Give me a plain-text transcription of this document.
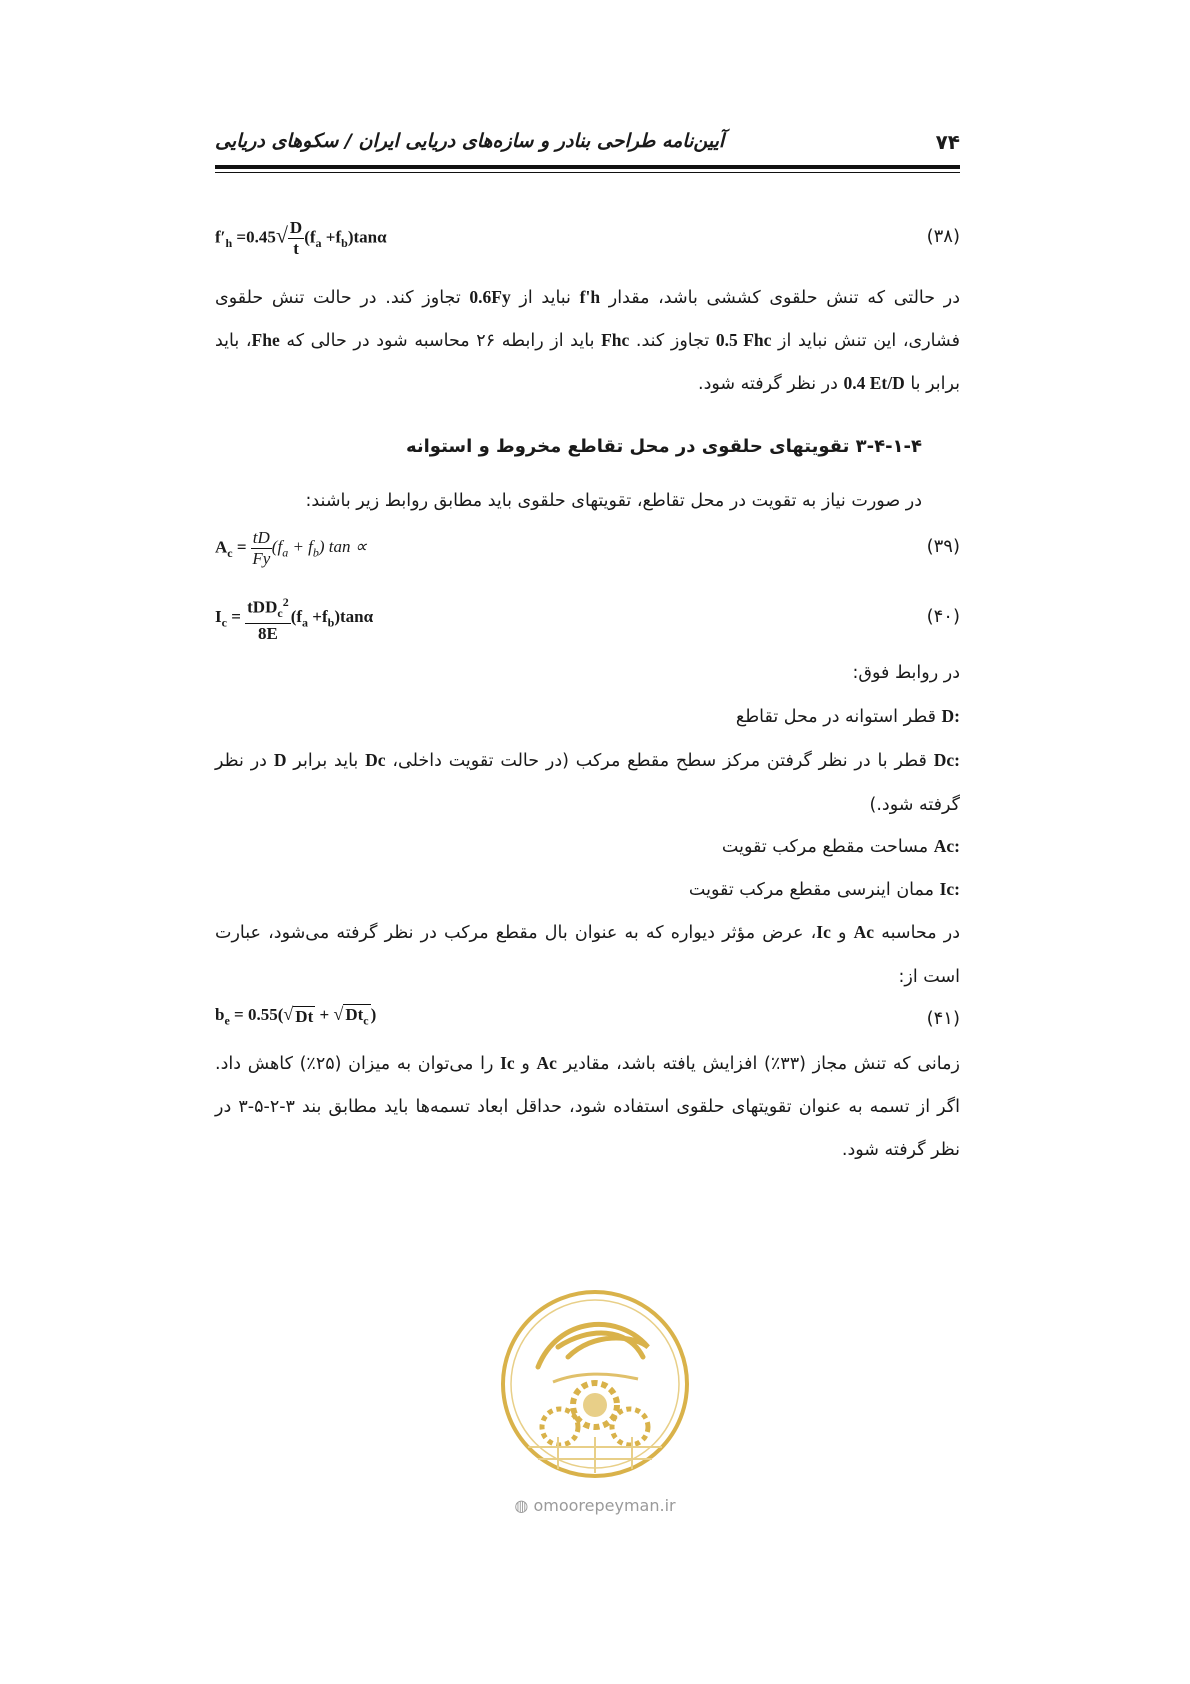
۷۴
آیین‌نامه طراحی بنادر و سازه‌های دریایی ایران / سکوهای دریایی
$f'_h =0.45√ \frac{D}{t} (f_a +f_b)\tan\alpha$	(۳۸)
در حالتی که تنش حلقوی کششی باشد، مقدار f'h نباید از 0.6Fy تجاوز کند. در حالت تنش حلقوی فشاری، این تنش نباید از 0.5 Fhc تجاوز کند. Fhc باید از رابطه ۲۶ محاسبه شود در حالی که Fhe، باید برابر با 0.4 Et/D در نظر گرفته شود.
۳-۴-۱-۴ تقویتهای حلقوی در محل تقاطع مخروط و استوانه
در صورت نیاز به تقویت در محل تقاطع، تقویتهای حلقوی باید مطابق روابط زیر باشند:
$A_c = \frac{tD}{Fy} (f_a + f_b) \tan$ ∝	(۳۹)
$I_c = \frac{tDD_c^2}{8E} (f_a +f_b)\tan\alpha$	(۴۰)
در روابط فوق:
D: قطر استوانه در محل تقاطع
Dc: قطر با در نظر گرفتن مرکز سطح مقطع مرکب (در حالت تقویت داخلی، Dc باید برابر D در نظر گرفته شود.)
Ac: مساحت مقطع مرکب تقویت
Ic: ممان اینرسی مقطع مرکب تقویت
در محاسبه Ac و Ic، عرض مؤثر دیواره که به عنوان بال مقطع مرکب در نظر گرفته می‌شود، عبارت است از:
$b_e = 0.55(√$ Dt + √ $Dt_c$ )	(۴۱)
زمانی که تنش مجاز (۳۳٪) افزایش یافته باشد، مقادیر Ac و Ic را می‌توان به میزان (۲۵٪) کاهش داد. اگر از تسمه به عنوان تقویتهای حلقوی استفاده شود، حداقل ابعاد تسمه‌ها باید مطابق بند ۳-۲-۵-۳ در نظر گرفته شود.
◍ omoorepeyman.ir
